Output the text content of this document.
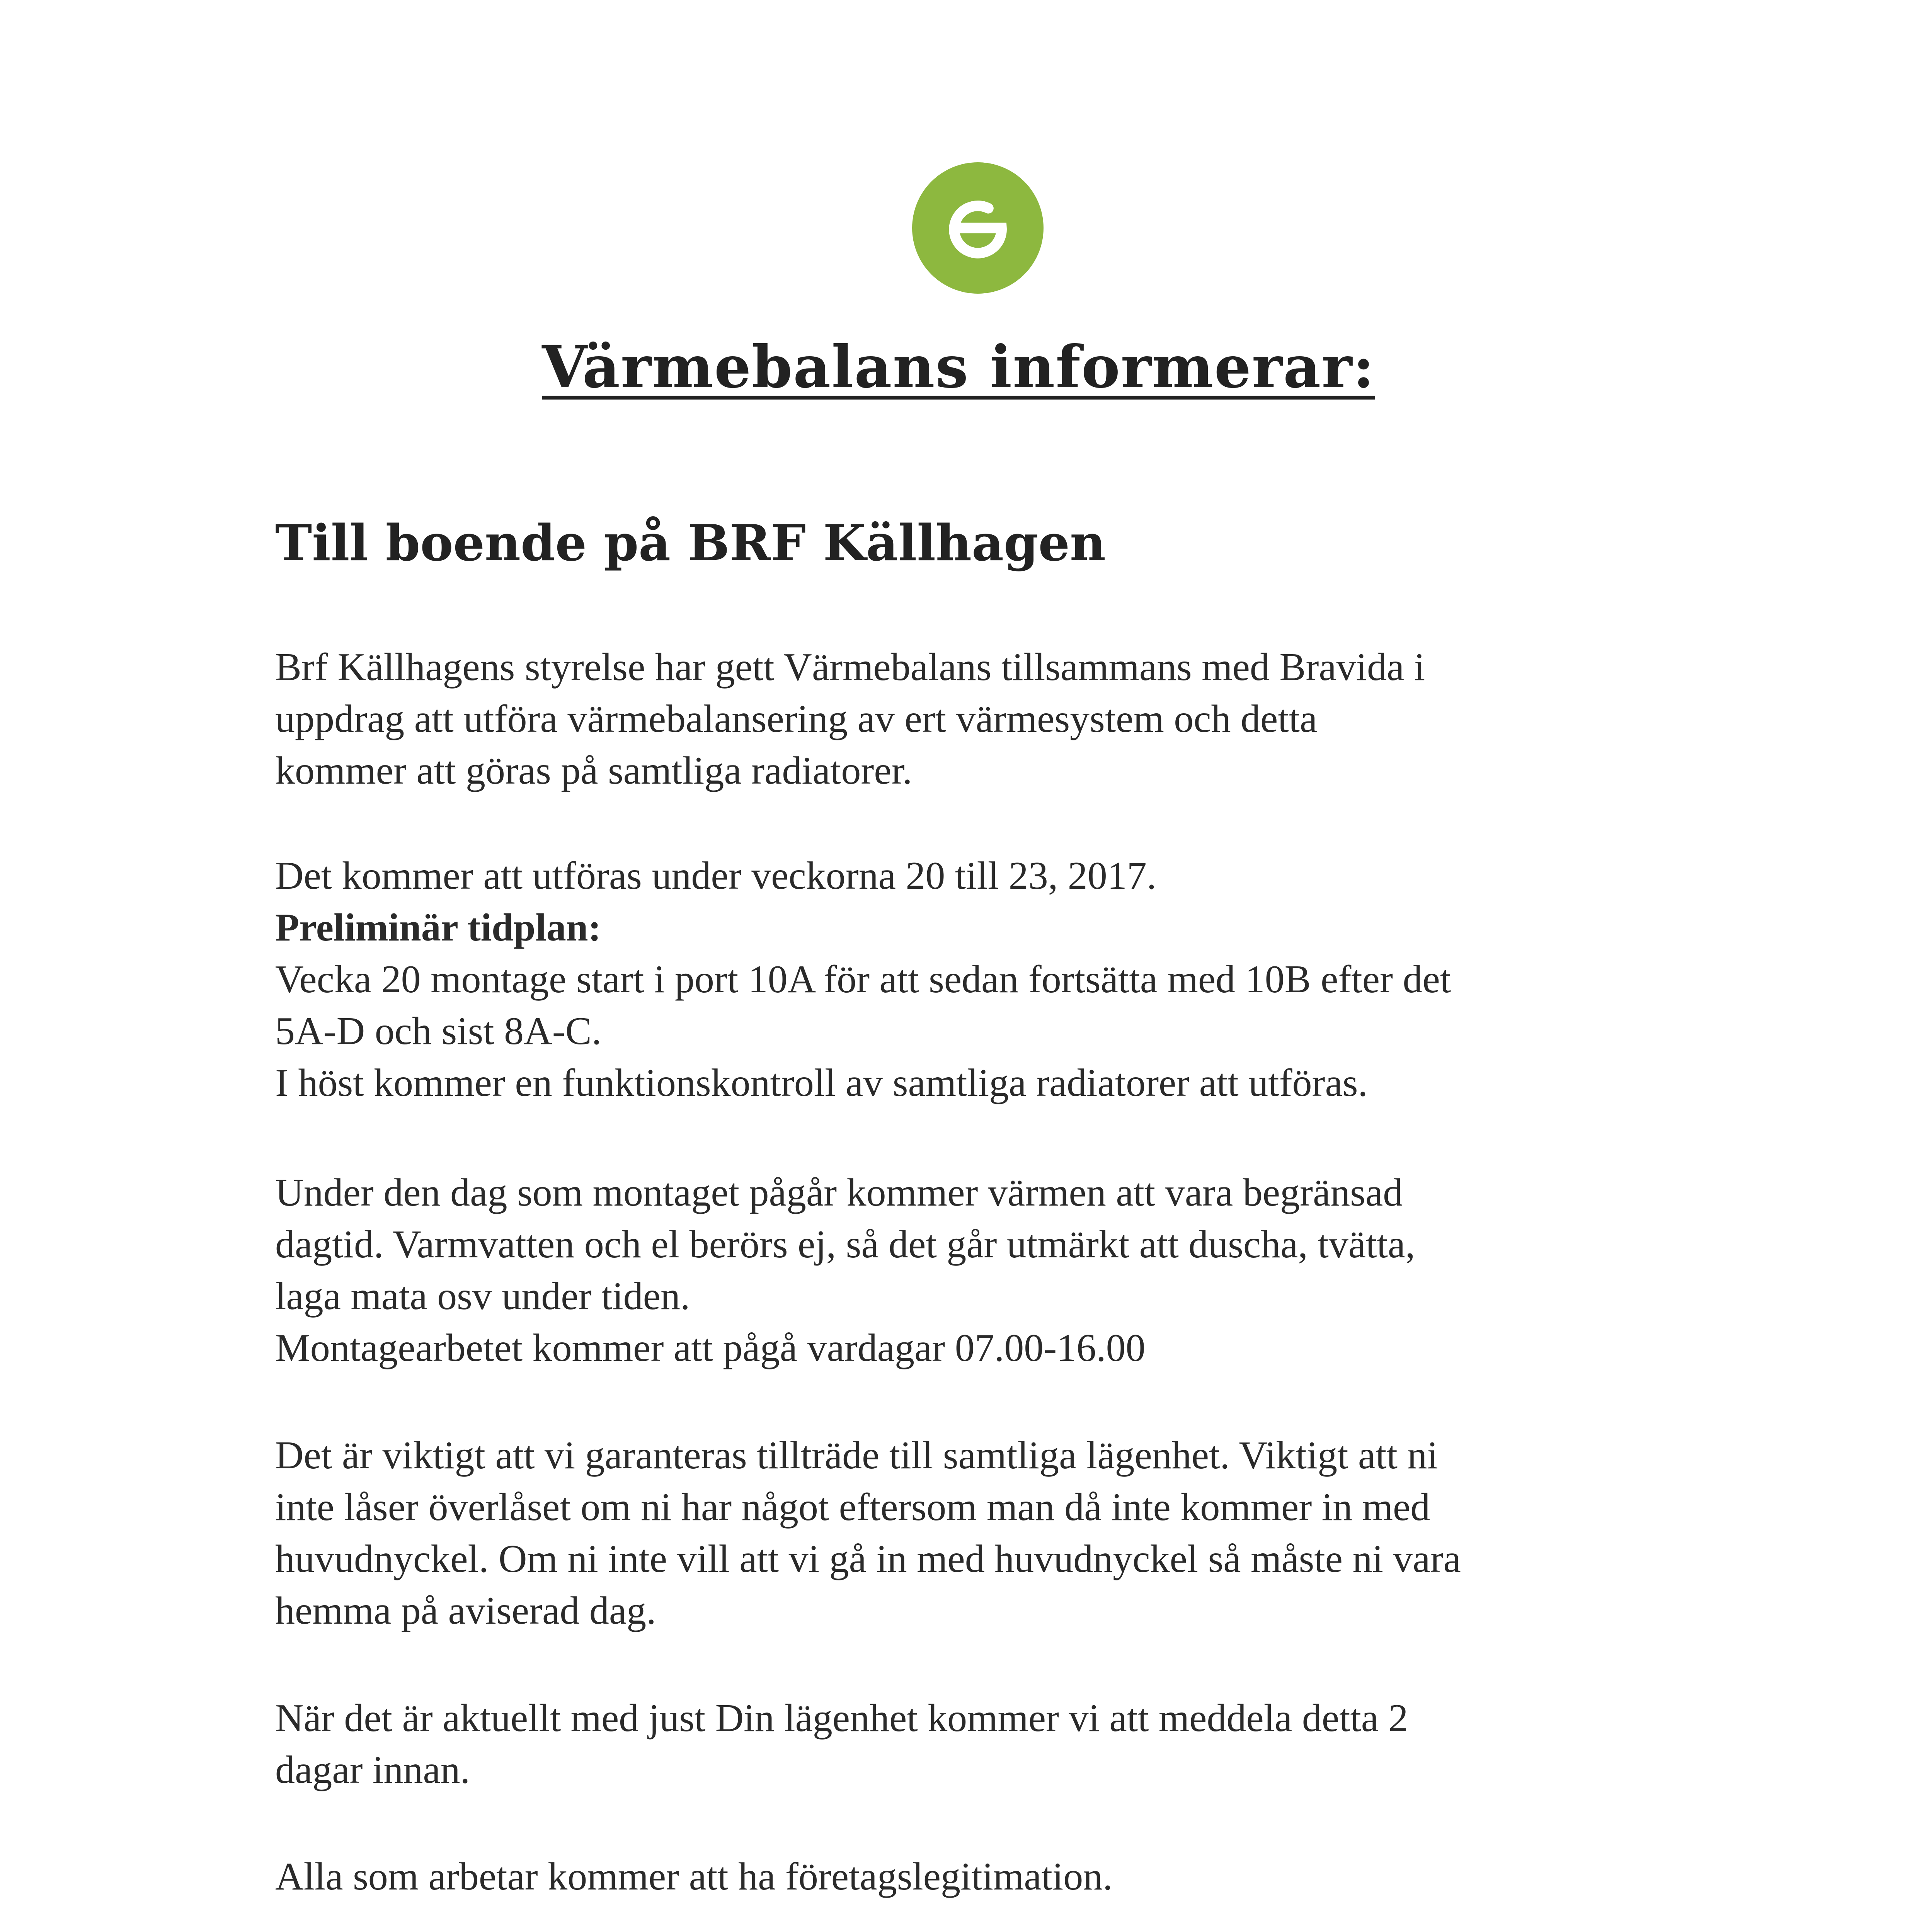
Värmebalans informerar:
Till boende på BRF Källhagen

Brf Källhagens styrelse har gett Värmebalans tillsammans med Bravida i

uppdrag att utföra värmebalansering av ert värmesystem och detta

kommer att göras på samtliga radiatorer.

Det kommer att utföras under veckorna 20 till 23, 2017.

Preliminär tidplan:

Vecka 20 montage start i port 10A för att sedan fortsätta med 10B efter det

5A-D och sist 8A-C.

I höst kommer en funktionskontroll av samtliga radiatorer att utföras.

Under den dag som montaget pågår kommer värmen att vara begränsad

dagtid. Varmvatten och el berörs ej, så det går utmärkt att duscha, tvätta,

laga mata osv under tiden.

Montagearbetet kommer att pågå vardagar 07.00-16.00

Det är viktigt att vi garanteras tillträde till samtliga lägenhet. Viktigt att ni

inte låser överlåset om ni har något eftersom man då inte kommer in med

huvudnyckel. Om ni inte vill att vi gå in med huvudnyckel så måste ni vara

hemma på aviserad dag.

När det är aktuellt med just Din lägenhet kommer vi att meddela detta 2

dagar innan.

Alla som arbetar kommer att ha företagslegitimation.
